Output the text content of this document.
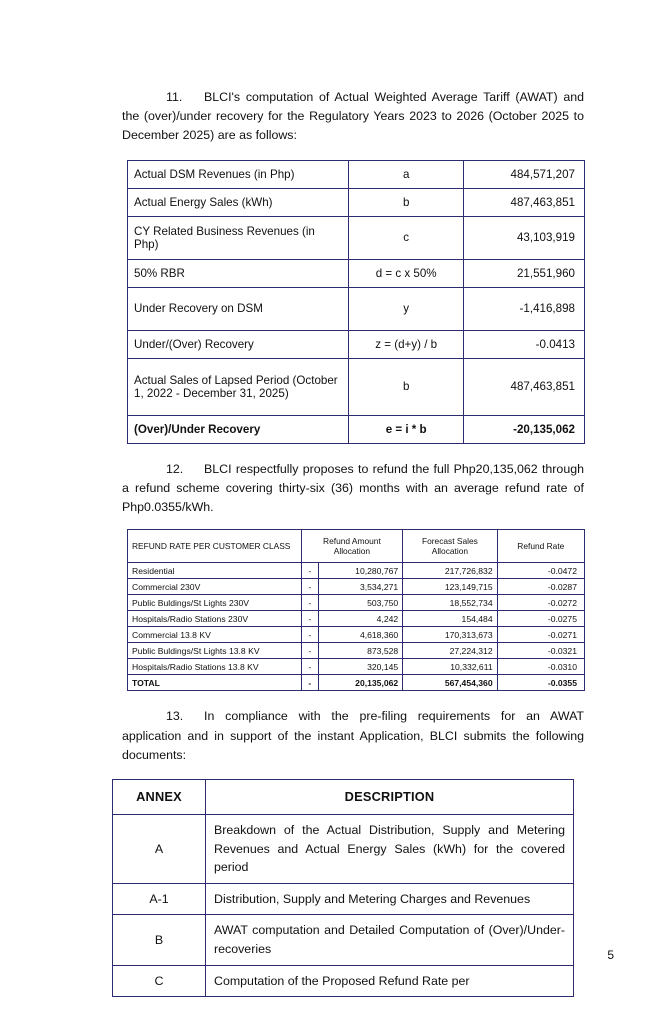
11. BLCI's computation of Actual Weighted Average Tariff (AWAT) and the (over)/under recovery for the Regulatory Years 2023 to 2026 (October 2025 to December 2025) are as follows:

Actual DSM Revenues (in Php)	a	484,571,207
Actual Energy Sales (kWh)	b	487,463,851
CY Related Business Revenues (in Php)	c	43,103,919
50% RBR	d = c x 50%	21,551,960
Under Recovery on DSM	y	-1,416,898
Under/(Over) Recovery	z = (d+y) / b	-0.0413
Actual Sales of Lapsed Period (October 1, 2022 - December 31, 2025)	b	487,463,851
(Over)/Under Recovery	e = i * b	-20,135,062

12. BLCI respectfully proposes to refund the full Php20,135,062 through a refund scheme covering thirty-six (36) months with an average refund rate of Php0.0355/kWh.

REFUND RATE PER CUSTOMER CLASS	Refund Amount Allocation		Forecast Sales Allocation	Refund Rate
Residential	-	10,280,767	217,726,832	-0.0472
Commercial 230V	-	3,534,271	123,149,715	-0.0287
Public Buldings/St Lights 230V	-	503,750	18,552,734	-0.0272
Hospitals/Radio Stations 230V	-	4,242	154,484	-0.0275
Commercial 13.8 KV	-	4,618,360	170,313,673	-0.0271
Public Buldings/St Lights 13.8 KV	-	873,528	27,224,312	-0.0321
Hospitals/Radio Stations 13.8 KV	-	320,145	10,332,611	-0.0310
TOTAL	-	20,135,062	567,454,360	-0.0355

13. In compliance with the pre-filing requirements for an AWAT application and in support of the instant Application, BLCI submits the following documents:

ANNEX	DESCRIPTION
A	Breakdown of the Actual Distribution, Supply and Metering Revenues and Actual Energy Sales (kWh) for the covered period
A-1	Distribution, Supply and Metering Charges and Revenues
B	AWAT computation and Detailed Computation of (Over)/Under-recoveries
C	Computation of the Proposed Refund Rate per
5
